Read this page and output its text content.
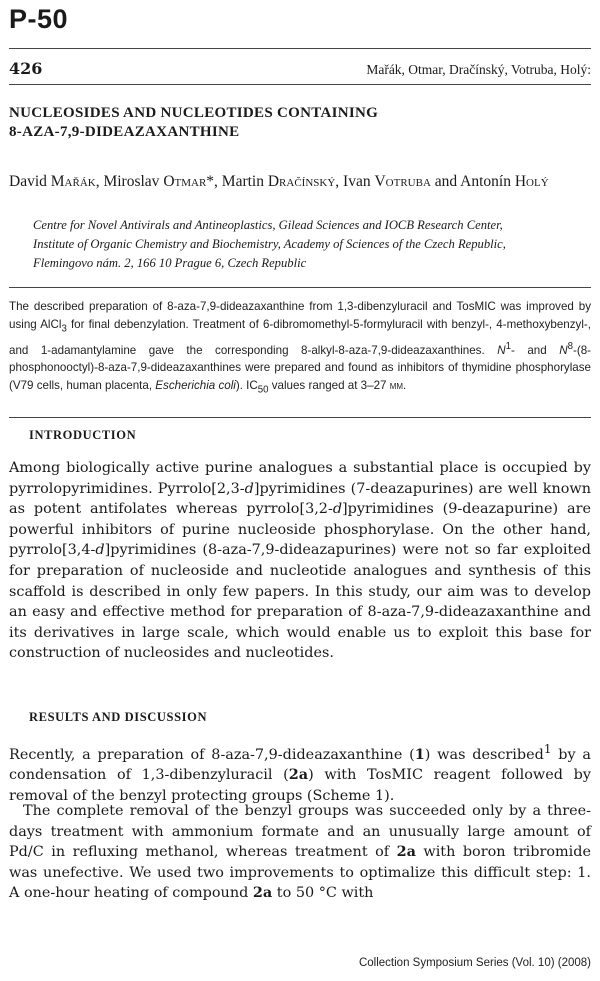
P-50
426	Mařák, Otmar, Dračínský, Votruba, Holý:
NUCLEOSIDES AND NUCLEOTIDES CONTAINING
8-AZA-7,9-DIDEAZAXANTHINE
David Mařák, Miroslav Otmar*, Martin Dračínský, Ivan Votruba and Antonín Holý
Centre for Novel Antivirals and Antineoplastics, Gilead Sciences and IOCB Research Center,
Institute of Organic Chemistry and Biochemistry, Academy of Sciences of the Czech Republic,
Flemingovo nám. 2, 166 10 Prague 6, Czech Republic
The described preparation of 8-aza-7,9-dideazaxanthine from 1,3-dibenzyluracil and TosMIC was improved by using AlCl$_3$ for final debenzylation. Treatment of 6-dibromomethyl-5-formyluracil with benzyl-, 4-methoxybenzyl-, and 1-adamantylamine gave the corresponding 8-alkyl-8-aza-7,9-dideazaxanthines. $N^1-$ and $N^8-(8-phosphonooctyl)-8-aza-7,9$-dideazaxanthines were prepared and found as inhibitors of thymidine phosphorylase (V79 cells, human placenta, Escherichia coli). $IC_{50}$ values ranged at 3–27 µm.
INTRODUCTION
Among biologically active purine analogues a substantial place is occupied by pyrrolopyrimidines. Pyrrolo[2,3-d]pyrimidines (7-deazapurines) are well known as potent antifolates whereas pyrrolo[3,2-d]pyrimidines (9-deazapurine) are powerful inhibitors of purine nucleoside phosphorylase. On the other hand, pyrrolo[3,4-d]pyrimidines (8-aza-7,9-dideazapurines) were not so far exploited for preparation of nucleoside and nucleotide analogues and synthesis of this scaffold is described in only few papers. In this study, our aim was to develop an easy and effective method for preparation of 8-aza-7,9-dideazaxanthine and its derivatives in large scale, which would enable us to exploit this base for construction of nucleosides and nucleotides.
RESULTS AND DISCUSSION
Recently, a preparation of 8-aza-7,9-dideazaxanthine (1) was described$^1$ by a condensation of 1,3-dibenzyluracil (2a) with TosMIC reagent followed by removal of the benzyl protecting groups (Scheme 1).
The complete removal of the benzyl groups was succeeded only by a three-days treatment with ammonium formate and an unusually large amount of Pd/C in refluxing methanol, whereas treatment of 2a with boron tribromide was unefective. We used two improvements to optimalize this difficult step: 1. A one-hour heating of compound 2a to 50 °C with
Collection Symposium Series (Vol. 10) (2008)
